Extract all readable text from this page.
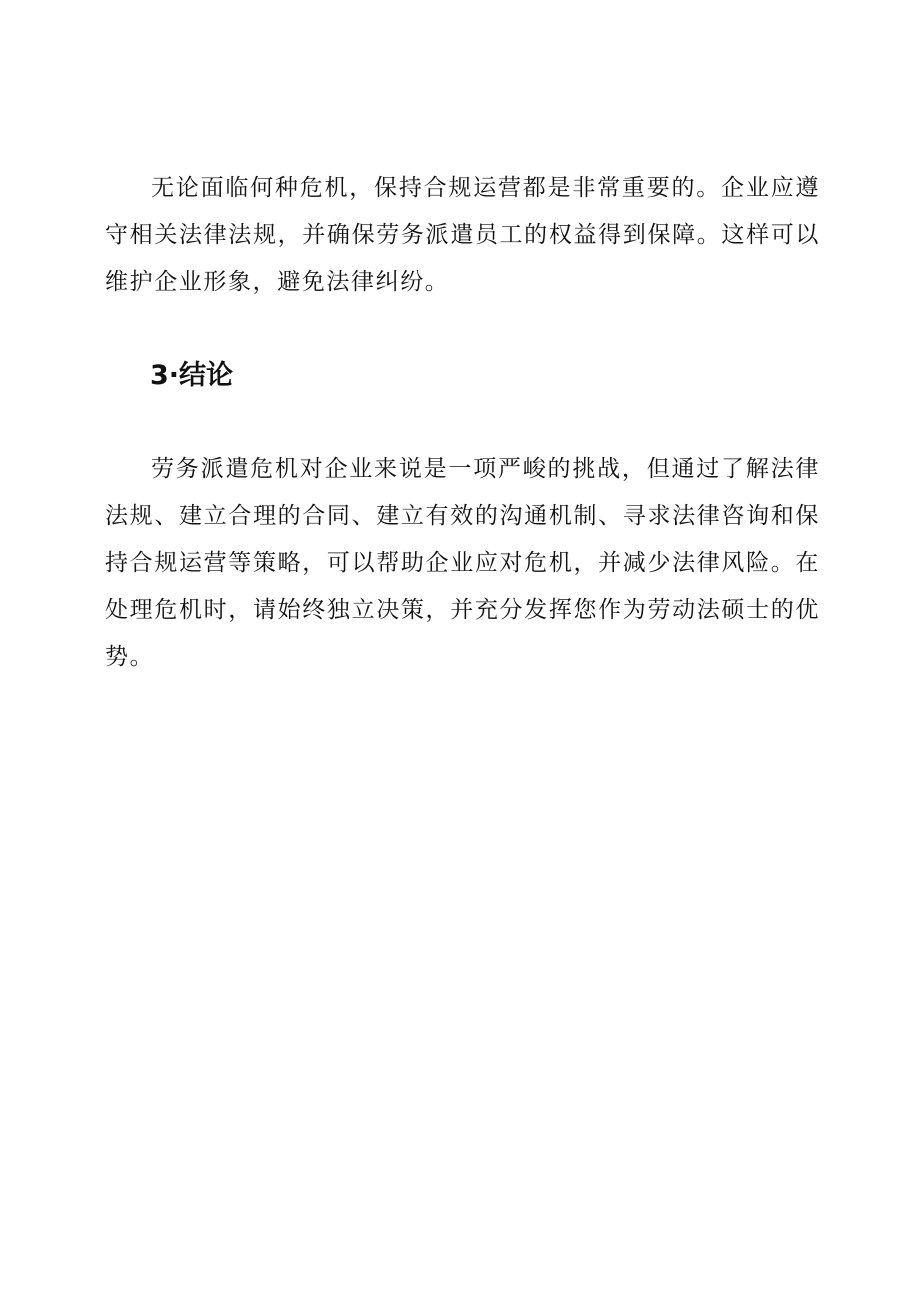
无论面临何种危机，保持合规运营都是非常重要的。企业应遵守相关法律法规，并确保劳务派遣员工的权益得到保障。这样可以维护企业形象，避免法律纠纷。

3·结论

劳务派遣危机对企业来说是一项严峻的挑战，但通过了解法律法规、建立合理的合同、建立有效的沟通机制、寻求法律咨询和保持合规运营等策略，可以帮助企业应对危机，并减少法律风险。在处理危机时，请始终独立决策，并充分发挥您作为劳动法硕士的优势。
